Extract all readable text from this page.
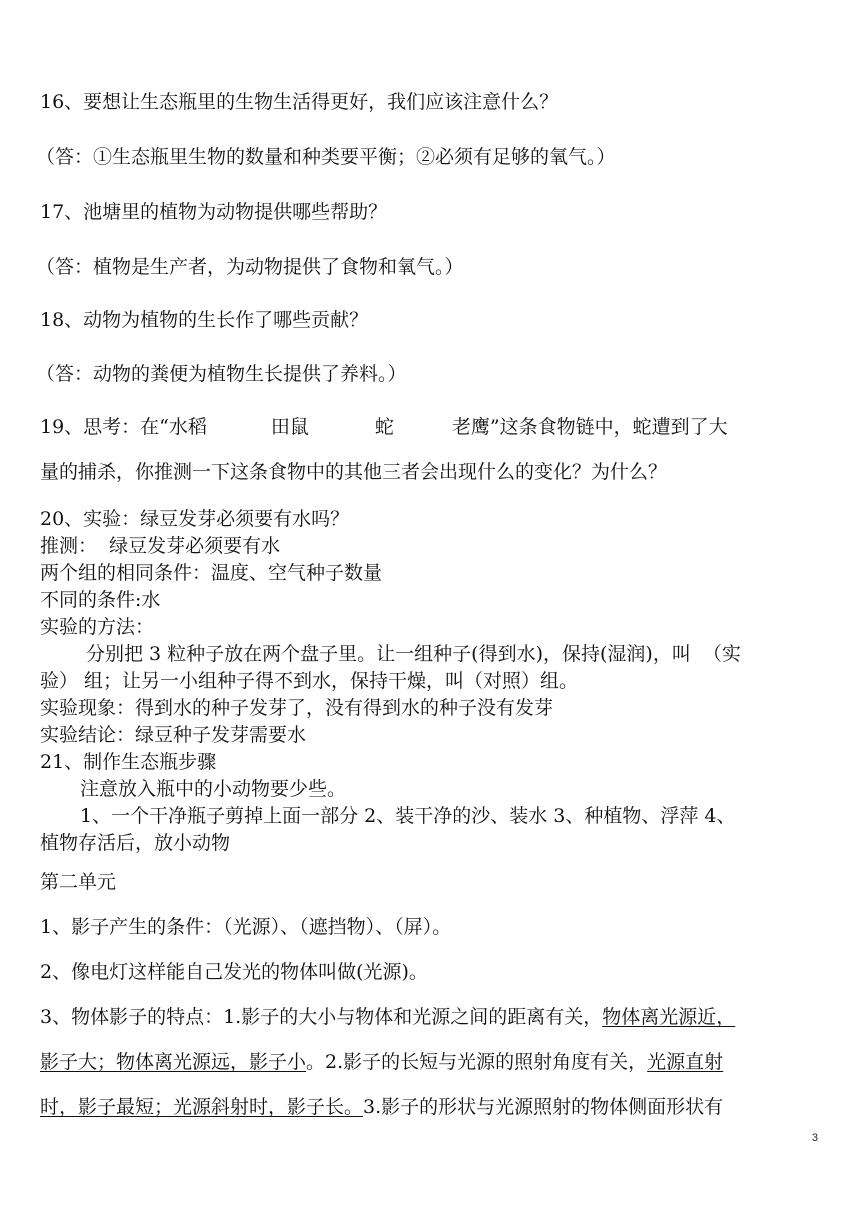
16、要想让生态瓶里的生物生活得更好，我们应该注意什么？
（答：①生态瓶里生物的数量和种类要平衡；②必须有足够的氧气。）
17、池塘里的植物为动物提供哪些帮助？
（答：植物是生产者，为动物提供了食物和氧气。）
18、动物为植物的生长作了哪些贡献？
（答：动物的粪便为植物生长提供了养料。）
19、思考：在“水稻	田鼠	蛇	老鹰”这条食物链中，蛇遭到了大
量的捕杀，你推测一下这条食物中的其他三者会出现什么的变化？为什么？
20、实验：绿豆发芽必须要有水吗？
推测：  绿豆发芽必须要有水
两个组的相同条件：温度、空气种子数量
不同的条件:水
实验的方法：
分别把 3 粒种子放在两个盘子里。让一组种子(得到水)，保持(湿润)，叫  （实
验） 组；让另一小组种子得不到水，保持干燥，叫（对照）组。
实验现象：得到水的种子发芽了，没有得到水的种子没有发芽
实验结论：绿豆种子发芽需要水
21、制作生态瓶步骤
注意放入瓶中的小动物要少些。
1、一个干净瓶子剪掉上面一部分 2、装干净的沙、装水 3、种植物、浮萍 4、
植物存活后，放小动物
第二单元
1、影子产生的条件：（光源）、（遮挡物）、（屏）。
2、像电灯这样能自己发光的物体叫做(光源)。
3、物体影子的特点：1.影子的大小与物体和光源之间的距离有关，物体离光源近，
影子大；物体离光源远，影子小。2.影子的长短与光源的照射角度有关，光源直射
时，影子最短；光源斜射时，影子长。3.影子的形状与光源照射的物体侧面形状有
3
